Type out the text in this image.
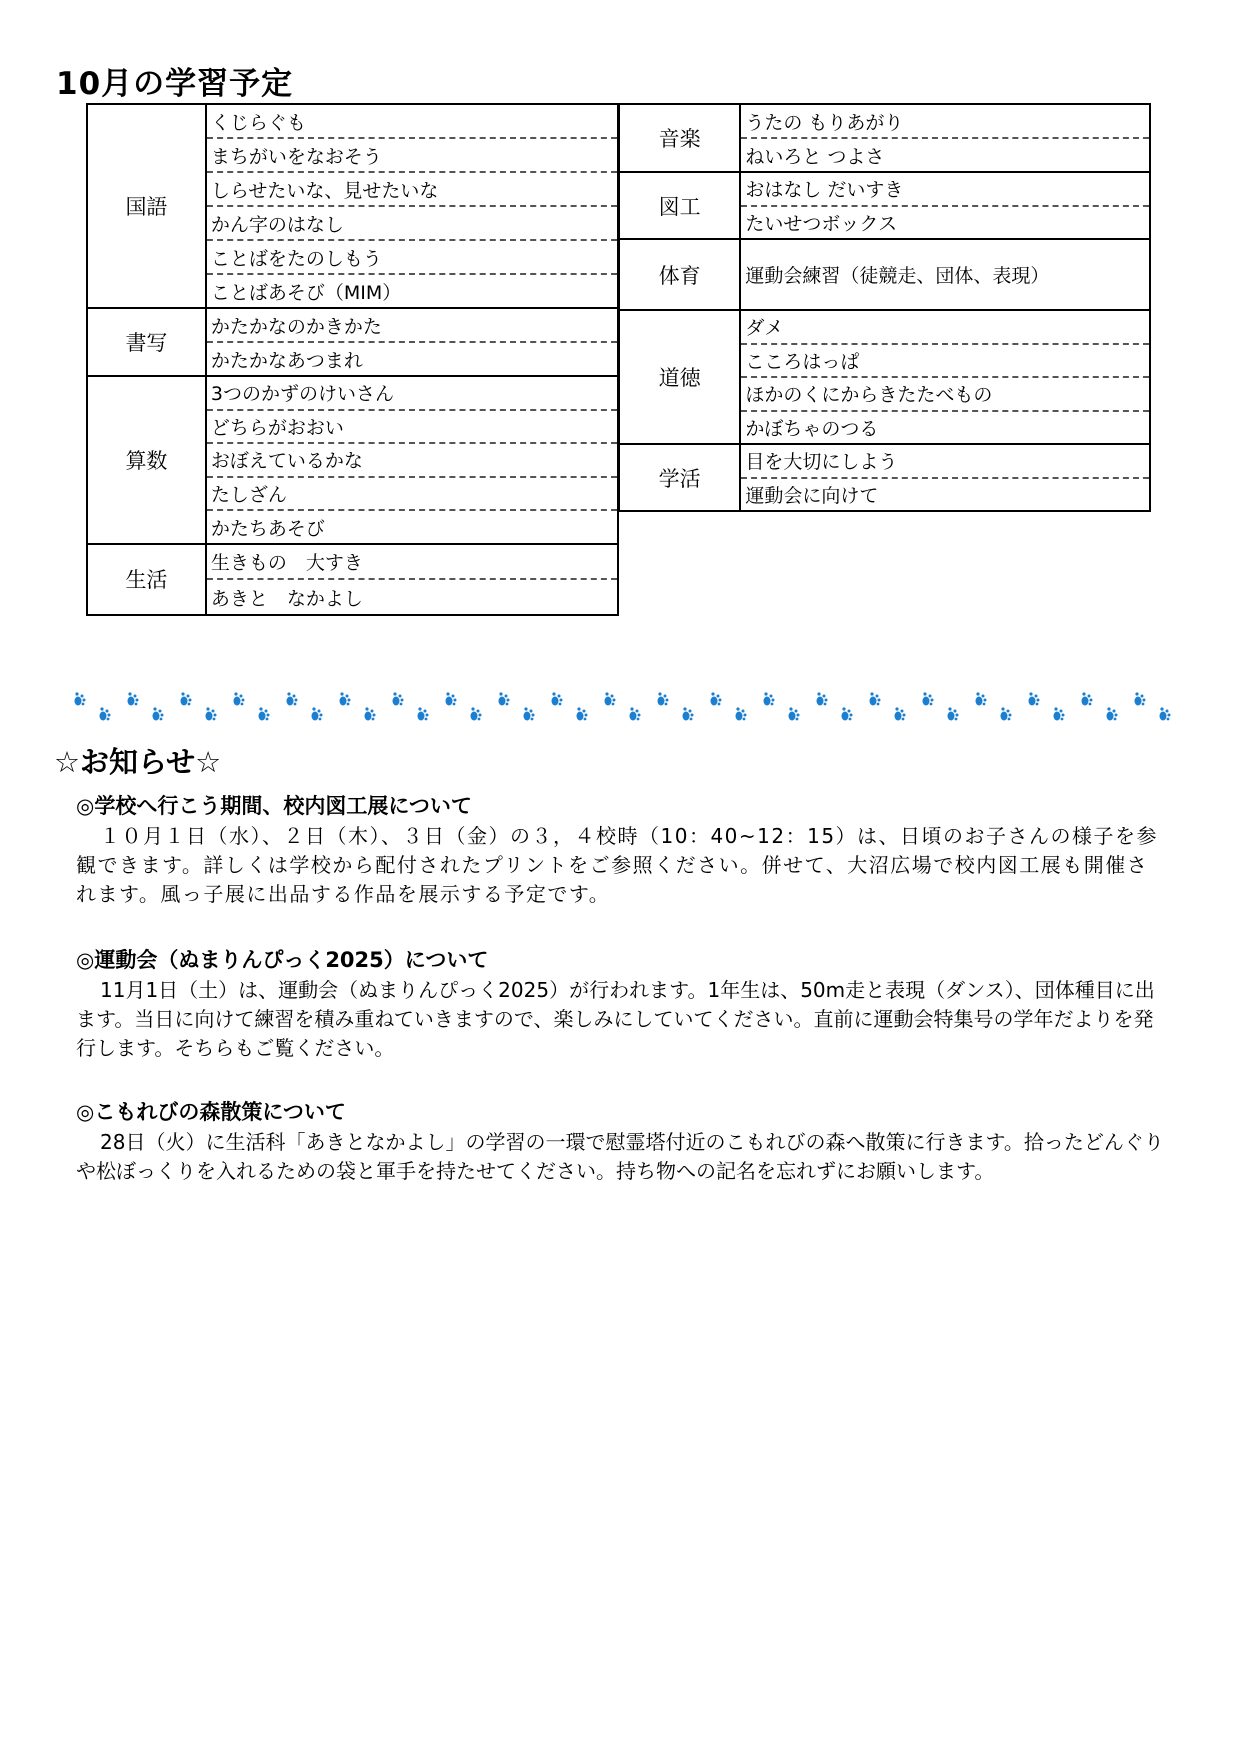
10月の学習予定
国語	くじらぐも
	まちがいをなおそう
	しらせたいな、見せたいな
	かん字のはなし
	ことばをたのしもう
	ことばあそび（MIM）
書写	かたかなのかきかた
	かたかなあつまれ
算数	3つのかずのけいさん
	どちらがおおい
	おぼえているかな
	たしざん
	かたちあそび
生活	生きもの　大すき
	あきと　なかよし
音楽	うたの もりあがり
	ねいろと つよさ
図工	おはなし だいすき
	たいせつボックス
体育	運動会練習（徒競走、団体、表現）
道徳	ダメ
	こころはっぱ
	ほかのくにからきたたべもの
	かぼちゃのつる
学活	目を大切にしよう
	運動会に向けて
☆お知らせ☆
◎学校へ行こう期間、校内図工展について

１０月１日（水）、２日（木）、３日（金）の３，４校時（10：40~12：15）は、日頃のお子さんの様子を参観できます。詳しくは学校から配付されたプリントをご参照ください。併せて、大沼広場で校内図工展も開催されます。風っ子展に出品する作品を展示する予定です。

◎運動会（ぬまりんぴっく2025）について

11月1日（土）は、運動会（ぬまりんぴっく2025）が行われます。1年生は、50m走と表現（ダンス）、団体種目に出ます。当日に向けて練習を積み重ねていきますので、楽しみにしていてください。直前に運動会特集号の学年だよりを発行します。そちらもご覧ください。

◎こもれびの森散策について

28日（火）に生活科「あきとなかよし」の学習の一環で慰霊塔付近のこもれびの森へ散策に行きます。拾ったどんぐりや松ぼっくりを入れるための袋と軍手を持たせてください。持ち物への記名を忘れずにお願いします。
